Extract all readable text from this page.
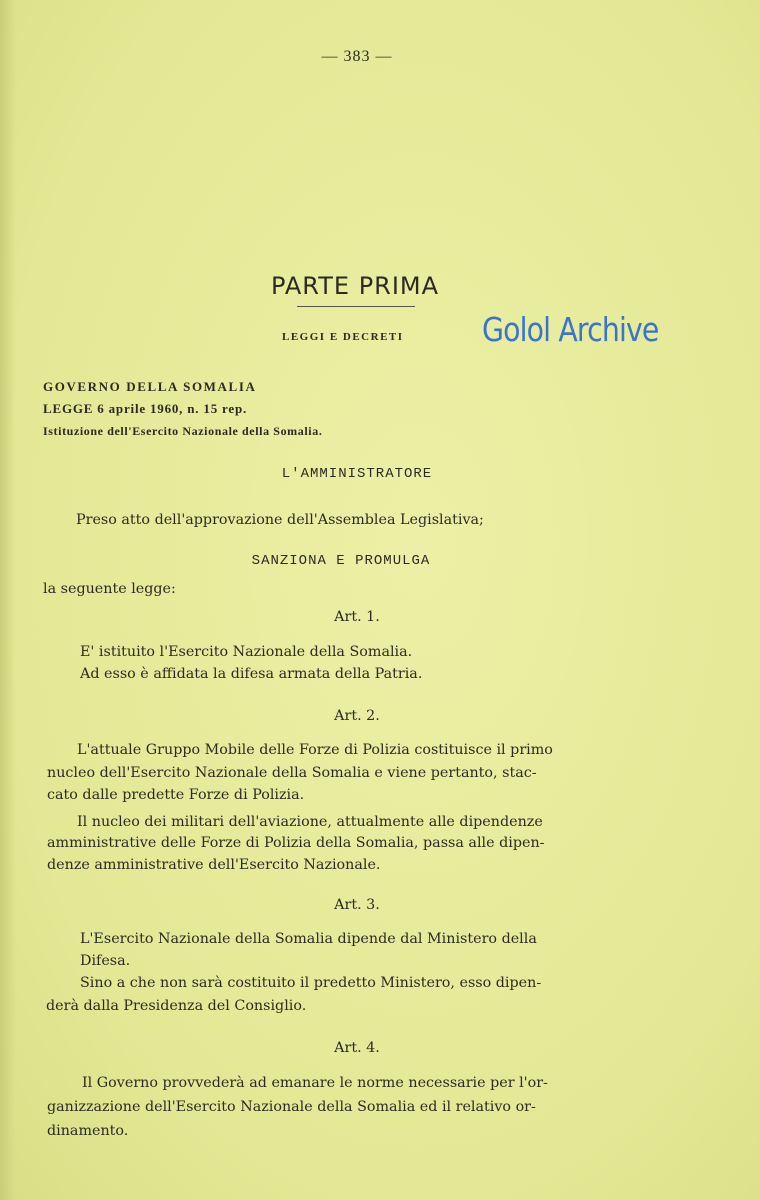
— 383 —
PARTE PRIMA
LEGGI E DECRETI Golol Archive
GOVERNO DELLA SOMALIA
LEGGE 6 aprile 1960, n. 15 rep.
Istituzione dell'Esercito Nazionale della Somalia.
L'AMMINISTRATORE
Preso atto dell'approvazione dell'Assemblea Legislativa;
SANZIONA E PROMULGA
la seguente legge:
Art. 1.
E' istituito l'Esercito Nazionale della Somalia.
Ad esso è affidata la difesa armata della Patria.
Art. 2.
L'attuale Gruppo Mobile delle Forze di Polizia costituisce il primo
nucleo dell'Esercito Nazionale della Somalia e viene pertanto, stac-
cato dalle predette Forze di Polizia.
Il nucleo dei militari dell'aviazione, attualmente alle dipendenze
amministrative delle Forze di Polizia della Somalia, passa alle dipen-
denze amministrative dell'Esercito Nazionale.
Art. 3.
L'Esercito Nazionale della Somalia dipende dal Ministero della
Difesa.
Sino a che non sarà costituito il predetto Ministero, esso dipen-
derà dalla Presidenza del Consiglio.
Art. 4.
Il Governo provvederà ad emanare le norme necessarie per l'or-
ganizzazione dell'Esercito Nazionale della Somalia ed il relativo or-
dinamento.
